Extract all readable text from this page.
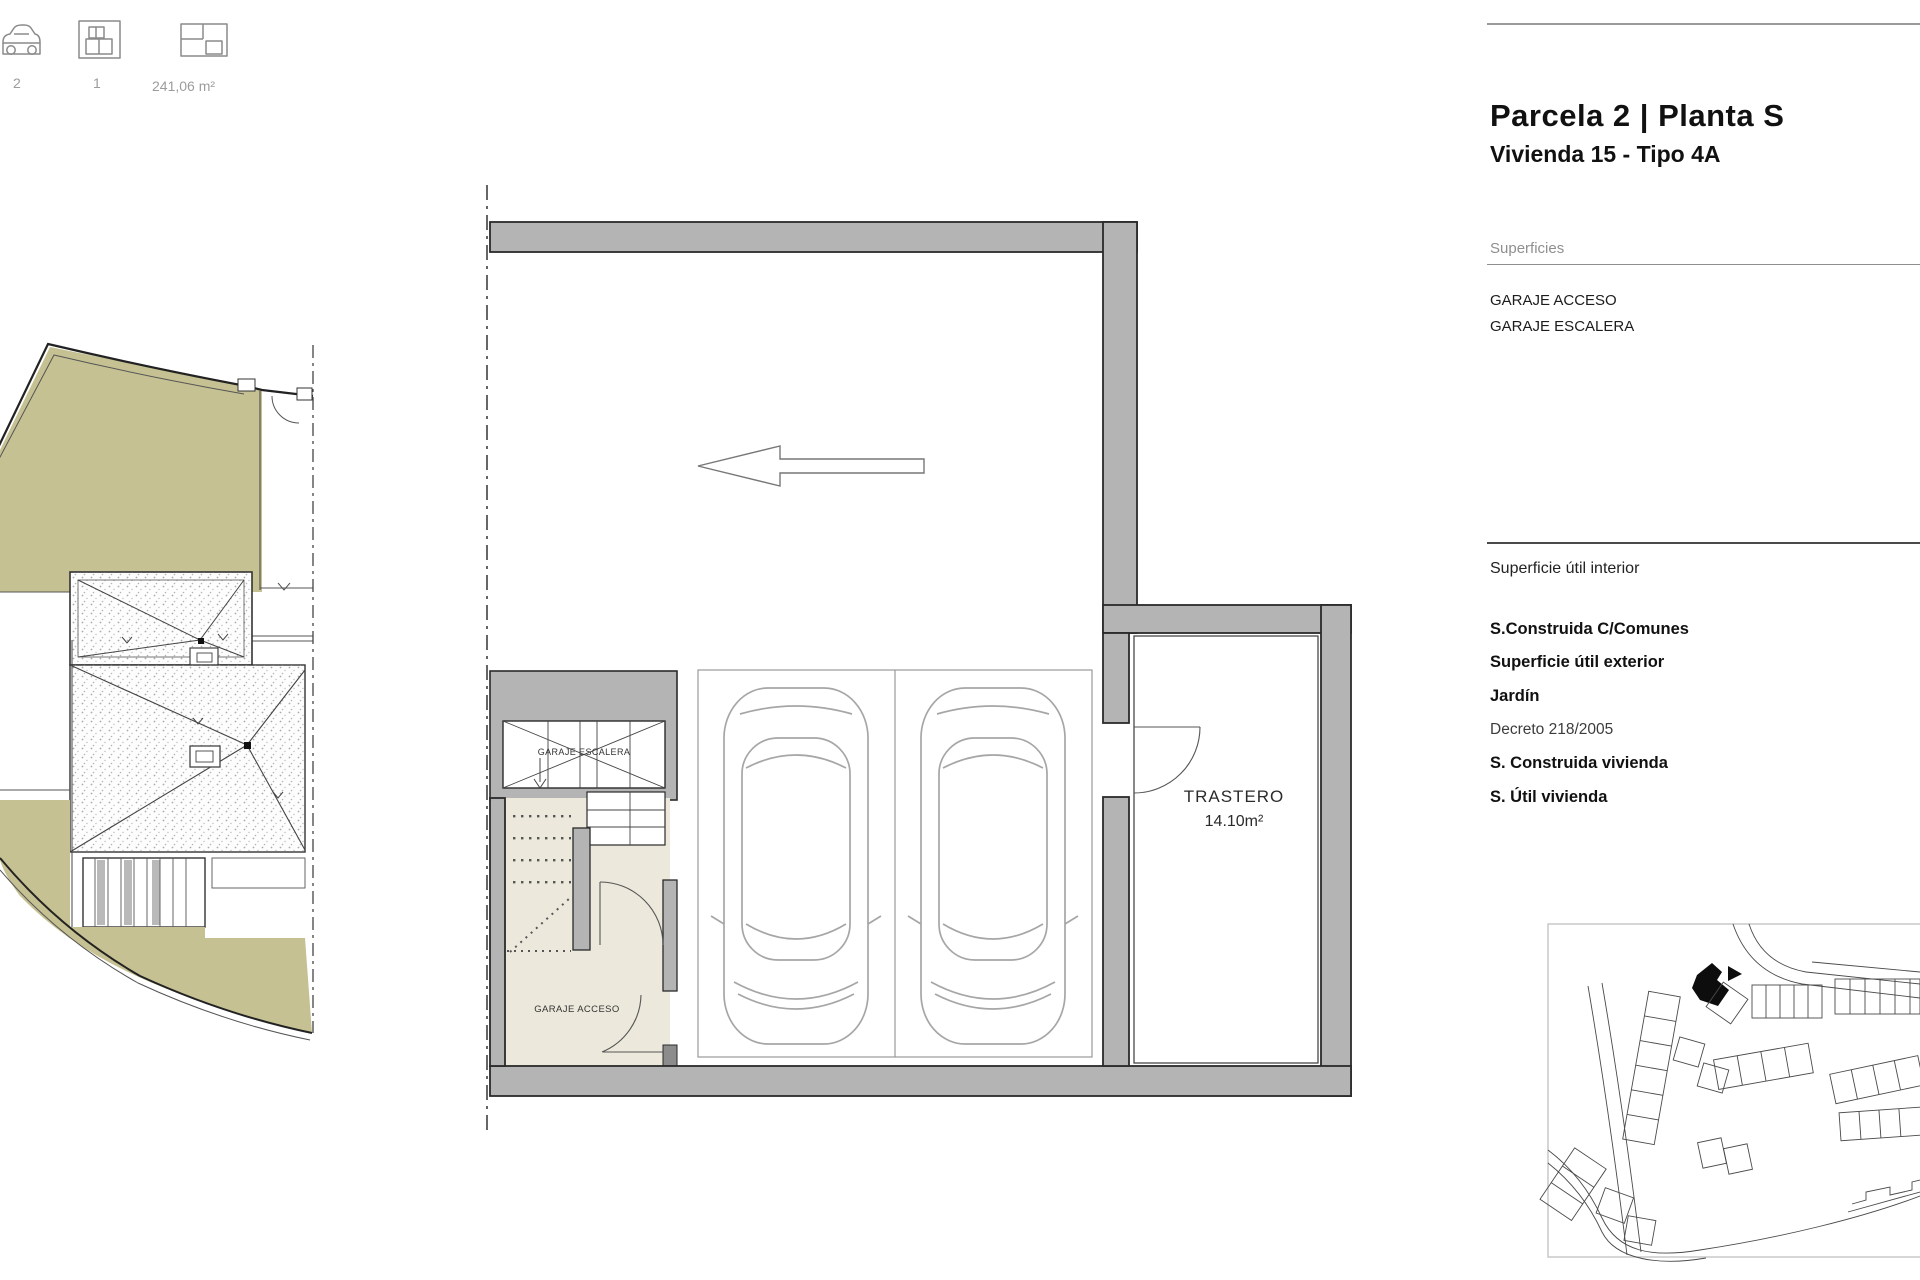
2	1	241,06 m²
GARAJE ESCALERA
GARAJE ACCESO
TRASTERO
14.10m²
Parcela 2 | Planta S
Vivienda 15 - Tipo 4A
Superficies
GARAJE ACCESO
GARAJE ESCALERA
Superficie útil interior
S.Construida C/Comunes
Superficie útil exterior
Jardín
Decreto 218/2005
S. Construida vivienda
S. Útil vivienda
